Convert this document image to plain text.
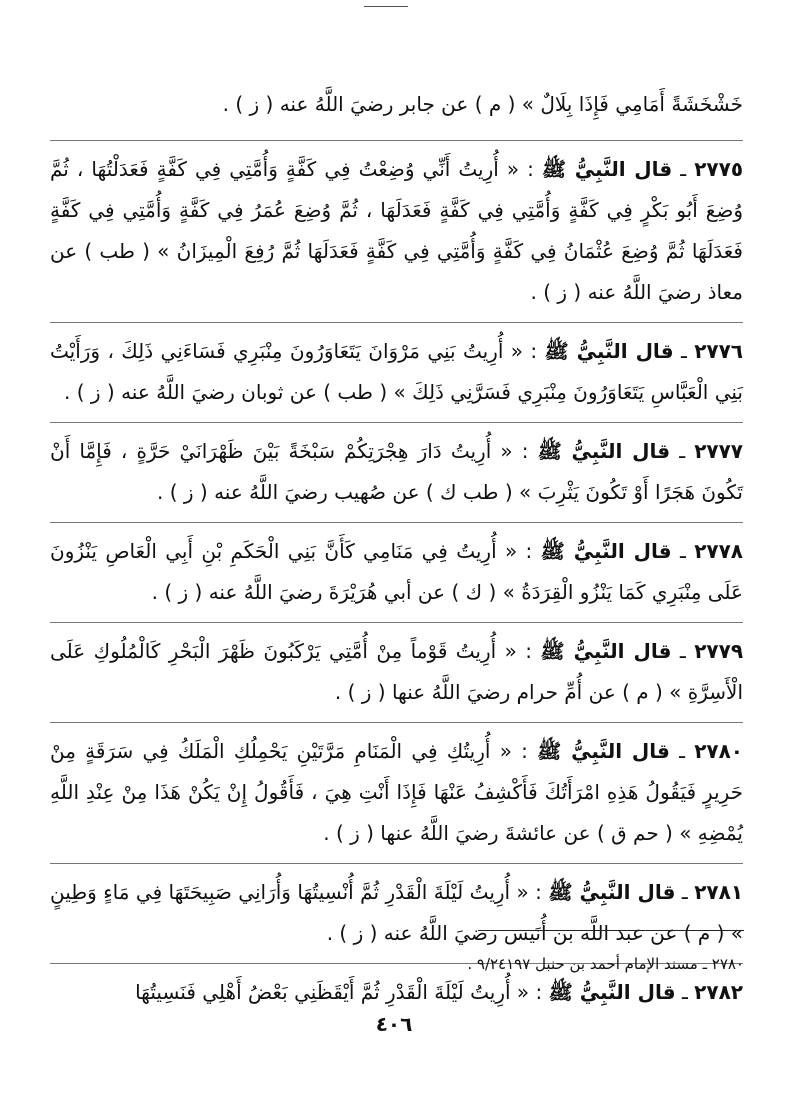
خَشْخَشَةً أَمَامِي فَإِذَا بِلَالٌ » ( م ) عن جابر رضيَ اللَّهُ عنه ( ز ) .

٢٧٧٥ ـ قال النَّبِيُّ ﷺ : « أُرِيتُ أَنِّي وُضِعْتُ فِي كَفَّةٍ وَأُمَّتِي فِي كَفَّةٍ فَعَدَلْتُهَا ، ثُمَّ وُضِعَ أَبُو بَكْرٍ فِي كَفَّةٍ وَأُمَّتِي فِي كَفَّةٍ فَعَدَلَهَا ، ثُمَّ وُضِعَ عُمَرُ فِي كَفَّةٍ وَأُمَّتِي فِي كَفَّةٍ فَعَدَلَهَا ثُمَّ وُضِعَ عُثْمَانُ فِي كَفَّةٍ وَأُمَّتِي فِي كَفَّةٍ فَعَدَلَهَا ثُمَّ رُفِعَ الْمِيزَانُ » ( طب ) عن معاذ رضيَ اللَّهُ عنه ( ز ) .

٢٧٧٦ ـ قال النَّبِيُّ ﷺ : « أُرِيتُ بَنِي مَرْوَانَ يَتَعَاوَرُونَ مِنْبَرِي فَسَاءَنِي ذَلِكَ ، وَرَأَيْتُ بَنِي الْعَبَّاسِ يَتَعَاوَرُونَ مِنْبَرِي فَسَرَّنِي ذَلِكَ » ( طب ) عن ثوبان رضيَ اللَّهُ عنه ( ز ) .

٢٧٧٧ ـ قال النَّبِيُّ ﷺ : « أُرِيتُ دَارَ هِجْرَتِكُمْ سَبْخَةً بَيْنَ ظَهْرَانَيْ حَرَّةٍ ، فَإِمَّا أَنْ تَكُونَ هَجَرًا أَوْ تَكُونَ يَثْرِبَ » ( طب ك ) عن صُهيب رضيَ اللَّهُ عنه ( ز ) .

٢٧٧٨ ـ قال النَّبِيُّ ﷺ : « أُرِيتُ فِي مَنَامِي كَأَنَّ بَنِي الْحَكَمِ بْنِ أَبِي الْعَاصِ يَنْزُونَ عَلَى مِنْبَرِي كَمَا يَنْزُو الْقِرَدَةُ » ( ك ) عن أبي هُرَيْرَةَ رضيَ اللَّهُ عنه ( ز ) .

٢٧٧٩ ـ قال النَّبِيُّ ﷺ : « أُرِيتُ قَوْماً مِنْ أُمَّتِي يَرْكَبُونَ ظَهْرَ الْبَحْرِ كَالْمُلُوكِ عَلَى الْأَسِرَّةِ » ( م ) عن أُمِّ حرام رضيَ اللَّهُ عنها ( ز ) .

٢٧٨٠ ـ قال النَّبِيُّ ﷺ : « أُرِيتُكِ فِي الْمَنَامِ مَرَّتَيْنِ يَحْمِلُكِ الْمَلَكُ فِي سَرَقَةٍ مِنْ حَرِيرٍ فَيَقُولُ هَذِهِ امْرَأَتُكَ فَأَكْشِفُ عَنْهَا فَإِذَا أَنْتِ هِيَ ، فَأَقُولُ إِنْ يَكُنْ هَذَا مِنْ عِنْدِ اللَّهِ يُمْضِهِ » ( حم ق ) عن عائشةَ رضيَ اللَّهُ عنها ( ز ) .

٢٧٨١ ـ قال النَّبِيُّ ﷺ : « أُرِيتُ لَيْلَةَ الْقَدْرِ ثُمَّ أُنْسِيتُهَا وَأُرَانِي صَبِيحَتَهَا فِي مَاءٍ وَطِينٍ » ( م ) عن عبد اللَّه بن أُنَيس رضيَ اللَّهُ عنه ( ز ) .

٢٧٨٢ ـ قال النَّبِيُّ ﷺ : « أُرِيتُ لَيْلَةَ الْقَدْرِ ثُمَّ أَيْقَظَنِي بَعْضُ أَهْلِي فَنَسِيتُهَا

٢٧٨٠ ـ مسند الإمام أحمد بن حنبل ٩/٢٤١٩٧ .
٤٠٦
